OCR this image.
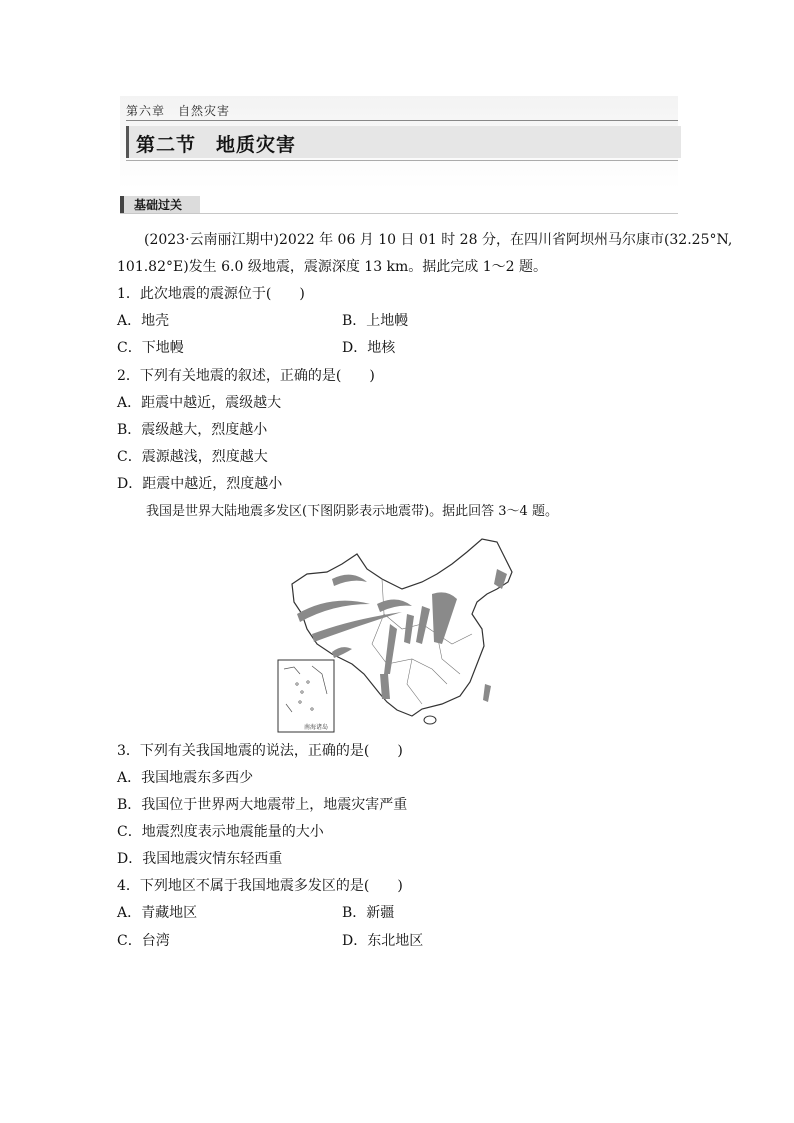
第六章　自然灾害
第二节　地质灾害
基础过关
(2023·云南丽江期中)2022 年 06 月 10 日 01 时 28 分，在四川省阿坝州马尔康市(32.25°N,
101.82°E)发生 6.0 级地震，震源深度 13 km。据此完成 1～2 题。
1．此次地震的震源位于(　　)
A．地壳	B．上地幔
C．下地幔	D．地核
2．下列有关地震的叙述，正确的是(　　)
A．距震中越近，震级越大
B．震级越大，烈度越小
C．震源越浅，烈度越大
D．距震中越近，烈度越小
我国是世界大陆地震多发区(下图阴影表示地震带)。据此回答 3～4 题。
南海诸岛
3．下列有关我国地震的说法，正确的是(　　)
A．我国地震东多西少
B．我国位于世界两大地震带上，地震灾害严重
C．地震烈度表示地震能量的大小
D．我国地震灾情东轻西重
4．下列地区不属于我国地震多发区的是(　　)
A．青藏地区	B．新疆
C．台湾	D．东北地区
